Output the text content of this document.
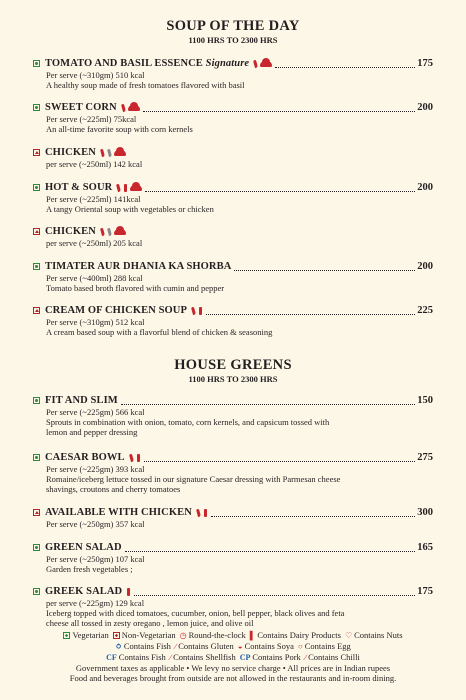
SOUP OF THE DAY

1100 HRS TO 2300 HRS

TOMATO AND BASIL ESSENCE Signature	175
Per serve (~310gm) 510 kcal
A healthy soup made of fresh tomatoes flavored with basil
SWEET CORN	200
Per serve (~225ml) 75kcal
An all-time favorite soup with corn kernels
CHICKEN
per serve (~250ml) 142 kcal
HOT & SOUR	200
Per serve (~225ml) 141kcal
A tangy Oriental soup with vegetables or chicken
CHICKEN
per serve (~250ml) 205 kcal
TIMATER AUR DHANIA KA SHORBA	200
Per serve (~400ml) 288 kcal
Tomato based broth flavored with cumin and pepper
CREAM OF CHICKEN SOUP	225
Per serve (~310gm) 512 kcal
A cream based soup with a flavorful blend of chicken & seasoning

HOUSE GREENS

1100 HRS TO 2300 HRS

FIT AND SLIM	150
Per serve (~225gm) 566 kcal
Sprouts in combination with onion, tomato, corn kernels, and capsicum tossed with
lemon and pepper dressing
CAESAR BOWL	275
Per serve (~225gm) 393 kcal
Romaine/iceberg lettuce tossed in our signature Caesar dressing with Parmesan cheese
shavings, croutons and cherry tomatoes
AVAILABLE WITH CHICKEN	300
Per serve (~250gm) 357 kcal
GREEN SALAD	165
Per serve (~250gm) 107 kcal
Garden fresh vegetables ;
GREEK SALAD	175
per serve (~225gm) 129 kcal
Iceberg topped with diced tomatoes, cucumber, onion, bell pepper, black olives and feta
cheese all tossed in zesty oregano , lemon juice, and olive oil
Vegetarian Non-Vegetarian ◷ Round-the-clock ▌ Contains Dairy Products ♡ Contains Nuts
⥀ Contains Fish ∕ Contains Gluten ◒ Contains Soya ○ Contains Egg
CF Contains Fish ∕ Contains Shellfish CP Contains Pork ∕ Contains Chilli
Government taxes as applicable • We levy no service charge • All prices are in Indian rupees
Food and beverages brought from outside are not allowed in the restaurants and in-room dining.
